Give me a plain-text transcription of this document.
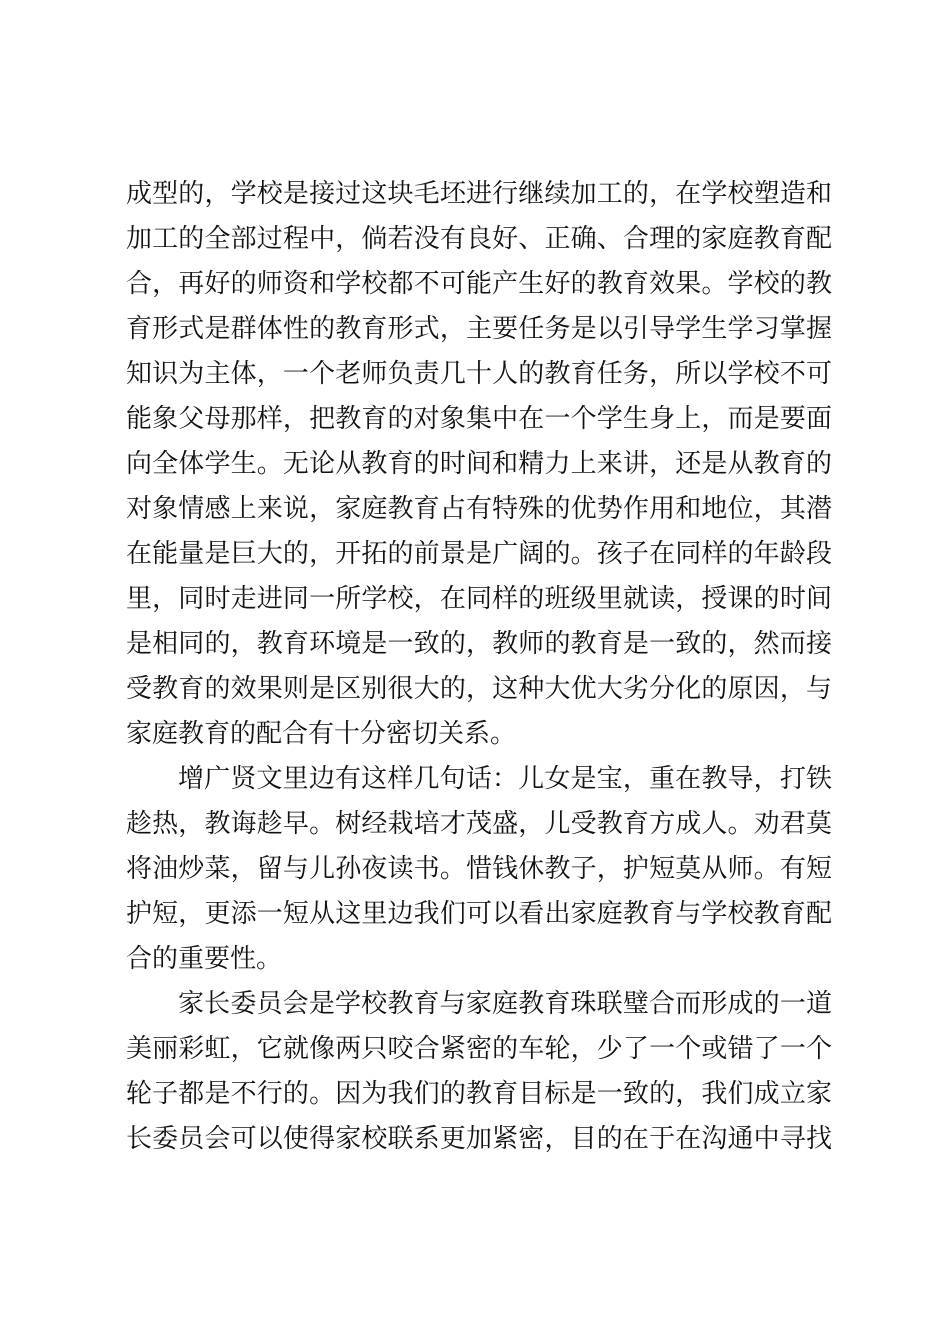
成型的，学校是接过这块毛坯进行继续加工的，在学校塑造和
加工的全部过程中，倘若没有良好、正确、合理的家庭教育配
合，再好的师资和学校都不可能产生好的教育效果。学校的教
育形式是群体性的教育形式，主要任务是以引导学生学习掌握
知识为主体，一个老师负责几十人的教育任务，所以学校不可
能象父母那样，把教育的对象集中在一个学生身上，而是要面
向全体学生。无论从教育的时间和精力上来讲，还是从教育的
对象情感上来说，家庭教育占有特殊的优势作用和地位，其潜
在能量是巨大的，开拓的前景是广阔的。孩子在同样的年龄段
里，同时走进同一所学校，在同样的班级里就读，授课的时间
是相同的，教育环境是一致的，教师的教育是一致的，然而接
受教育的效果则是区别很大的，这种大优大劣分化的原因，与
家庭教育的配合有十分密切关系。

增广贤文里边有这样几句话：儿女是宝，重在教导，打铁
趁热，教诲趁早。树经栽培才茂盛，儿受教育方成人。劝君莫
将油炒菜，留与儿孙夜读书。惜钱休教子，护短莫从师。有短
护短，更添一短从这里边我们可以看出家庭教育与学校教育配
合的重要性。

家长委员会是学校教育与家庭教育珠联璧合而形成的一道
美丽彩虹，它就像两只咬合紧密的车轮，少了一个或错了一个
轮子都是不行的。因为我们的教育目标是一致的，我们成立家
长委员会可以使得家校联系更加紧密，目的在于在沟通中寻找
